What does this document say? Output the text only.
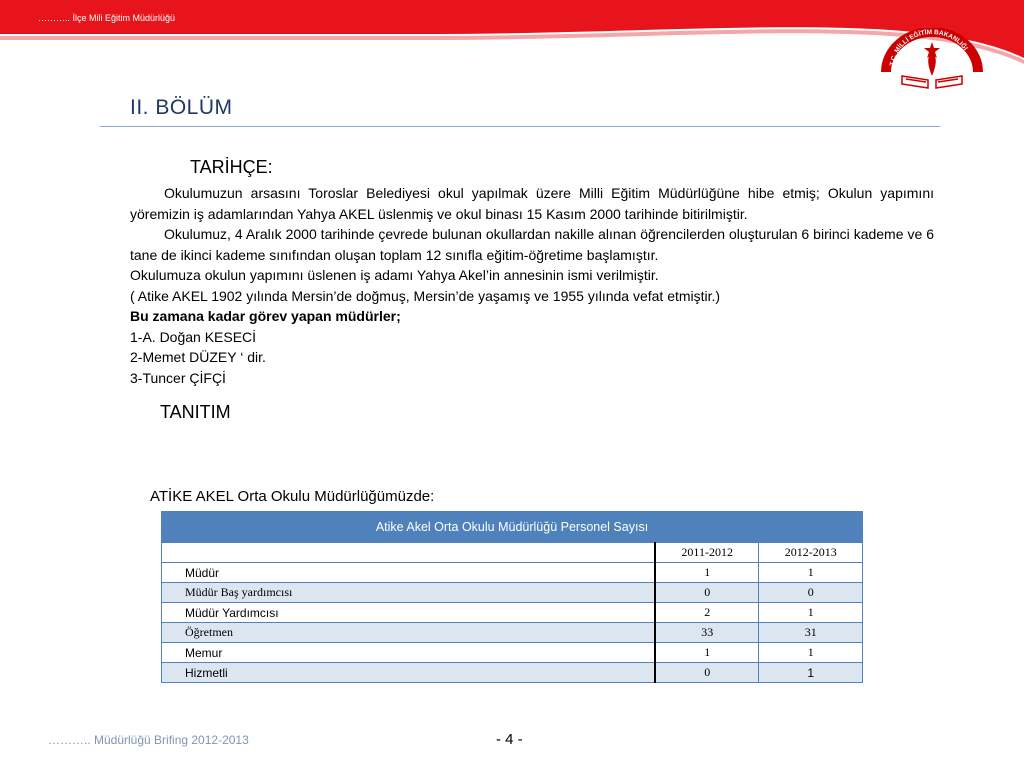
……….. İlçe Mili Eğitim Müdürlüğü
T.C. MİLLİ EĞİTİM BAKANLIĞI
II. BÖLÜM
TARİHÇE:

Okulumuzun arsasını Toroslar Belediyesi okul yapılmak üzere Milli Eğitim Müdürlüğüne hibe etmiş; Okulun yapımını yöremizin iş adamlarından Yahya AKEL üslenmiş ve okul binası 15 Kasım 2000 tarihinde bitirilmiştir.

Okulumuz, 4 Aralık 2000 tarihinde çevrede bulunan okullardan nakille alınan öğrencilerden oluşturulan 6 birinci kademe ve 6 tane de ikinci kademe sınıfından oluşan toplam 12 sınıfla eğitim-öğretime başlamıştır.

Okulumuza okulun yapımını üslenen iş adamı Yahya Akel’in annesinin ismi verilmiştir.

( Atike AKEL 1902 yılında Mersin’de doğmuş, Mersin’de yaşamış ve 1955 yılında vefat etmiştir.)

Bu zamana kadar görev yapan müdürler;

1-A. Doğan KESECİ

2-Memet DÜZEY ‘ dir.

3-Tuncer ÇİFÇİ

TANITIM
ATİKE AKEL Orta Okulu Müdürlüğümüzde:
Atike Akel Orta Okulu Müdürlüğü Personel Sayısı		
	2011-2012	2012-2013
Müdür	1	1
Müdür Baş yardımcısı	0	0
Müdür Yardımcısı	2	1
Öğretmen	33	31
Memur	1	1
Hizmetli	0	1
……….. Müdürlüğü Brifing 2012-2013	- 4 -
